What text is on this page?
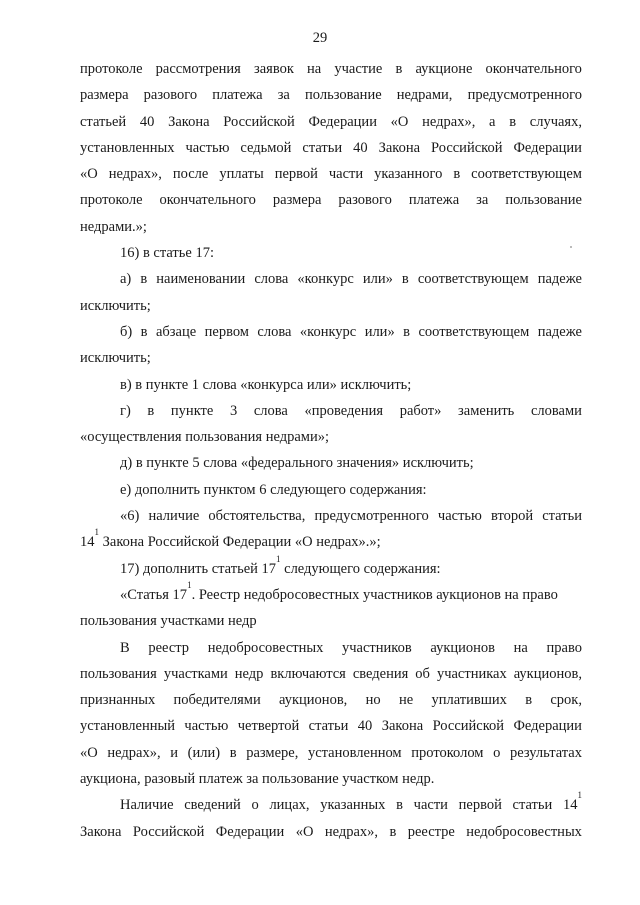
29
протоколе рассмотрения заявок на участие в аукционе окончательного
размера разового платежа за пользование недрами, предусмотренного
статьей 40 Закона Российской Федерации «О недрах», а в случаях,
установленных частью седьмой статьи 40 Закона Российской Федерации
«О недрах», после уплаты первой части указанного в соответствующем
протоколе окончательного размера разового платежа за пользование
недрами.»;
16) в статье 17:
а) в наименовании слова «конкурс или» в соответствующем падеже
исключить;
б) в абзаце первом слова «конкурс или» в соответствующем падеже
исключить;
в) в пункте 1 слова «конкурса или» исключить;
г) в пункте 3 слова «проведения работ» заменить словами
«осуществления пользования недрами»;
д) в пункте 5 слова «федерального значения» исключить;
е) дополнить пунктом 6 следующего содержания:
«6) наличие обстоятельства, предусмотренного частью второй статьи
$14^1$ Закона Российской Федерации «О недрах».»;
17) дополнить статьей $17^1$ следующего содержания:
«Статья $17^1$. Реестр недобросовестных участников аукционов на право
пользования участками недр
В реестр недобросовестных участников аукционов на право
пользования участками недр включаются сведения об участниках аукционов,
признанных победителями аукционов, но не уплативших в срок,
установленный частью четвертой статьи 40 Закона Российской Федерации
«О недрах», и (или) в размере, установленном протоколом о результатах
аукциона, разовый платеж за пользование участком недр.
Наличие сведений о лицах, указанных в части первой статьи $14^1$
Закона Российской Федерации «О недрах», в реестре недобросовестных
